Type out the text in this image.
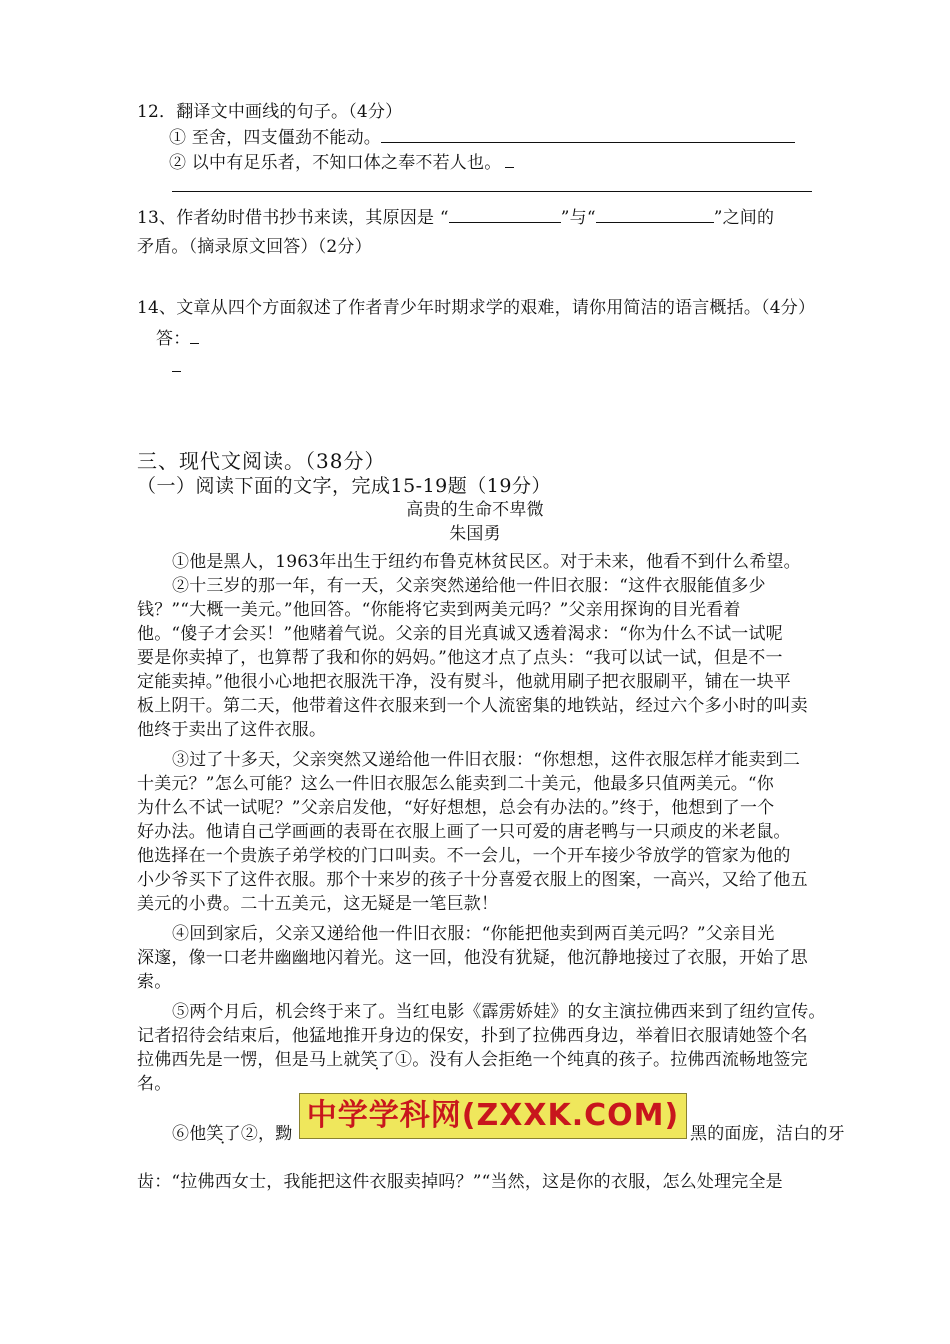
12．翻译文中画线的句子。（4分）
① 至舍，四支僵劲不能动。
② 以中有足乐者，不知口体之奉不若人也。
13、作者幼时借书抄书来读，其原因是 “	”与“	”之间的
矛盾。（摘录原文回答）（2分）
14、文章从四个方面叙述了作者青少年时期求学的艰难，请你用简洁的语言概括。（4分）
答：
三、现代文阅读。（38分）
（一）阅读下面的文字，完成15-19题（19分）
高贵的生命不卑微
朱国勇
①他是黑人，1963年出生于纽约布鲁克林贫民区。对于未来，他看不到什么希望。
②十三岁的那一年，有一天，父亲突然递给他一件旧衣服：“这件衣服能值多少
钱？”“大概一美元。”他回答。“你能将它卖到两美元吗？”父亲用探询的目光看着
他。“傻子才会买！”他赌着气说。父亲的目光真诚又透着渴求：“你为什么不试一试呢
要是你卖掉了，也算帮了我和你的妈妈。”他这才点了点头：“我可以试一试，但是不一
定能卖掉。”他很小心地把衣服洗干净，没有熨斗，他就用刷子把衣服刷平，铺在一块平
板上阴干。第二天，他带着这件衣服来到一个人流密集的地铁站，经过六个多小时的叫卖
他终于卖出了这件衣服。
③过了十多天，父亲突然又递给他一件旧衣服：“你想想，这件衣服怎样才能卖到二
十美元？”怎么可能？这么一件旧衣服怎么能卖到二十美元，他最多只值两美元。“你
为什么不试一试呢？”父亲启发他，“好好想想，总会有办法的。”终于，他想到了一个
好办法。他请自己学画画的表哥在衣服上画了一只可爱的唐老鸭与一只顽皮的米老鼠。
他选择在一个贵族子弟学校的门口叫卖。不一会儿，一个开车接少爷放学的管家为他的
小少爷买下了这件衣服。那个十来岁的孩子十分喜爱衣服上的图案，一高兴，又给了他五
美元的小费。二十五美元，这无疑是一笔巨款！
④回到家后，父亲又递给他一件旧衣服：“你能把他卖到两百美元吗？”父亲目光
深邃，像一口老井幽幽地闪着光。这一回，他没有犹疑，他沉静地接过了衣服，开始了思
索。
⑤两个月后，机会终于来了。当红电影《霹雳娇娃》的女主演拉佛西来到了纽约宣传。
记者招待会结束后，他猛地推开身边的保安，扑到了拉佛西身边，举着旧衣服请她签个名
拉佛西先是一愣，但是马上就笑了①。没有人会拒绝一个纯真的孩子。拉佛西流畅地签完
名。
⑥他笑了②，黝	黑的面庞，洁白的牙
齿：“拉佛西女士，我能把这件衣服卖掉吗？”“当然，这是你的衣服，怎么处理完全是
中学学科网(ZXXK.COM)
